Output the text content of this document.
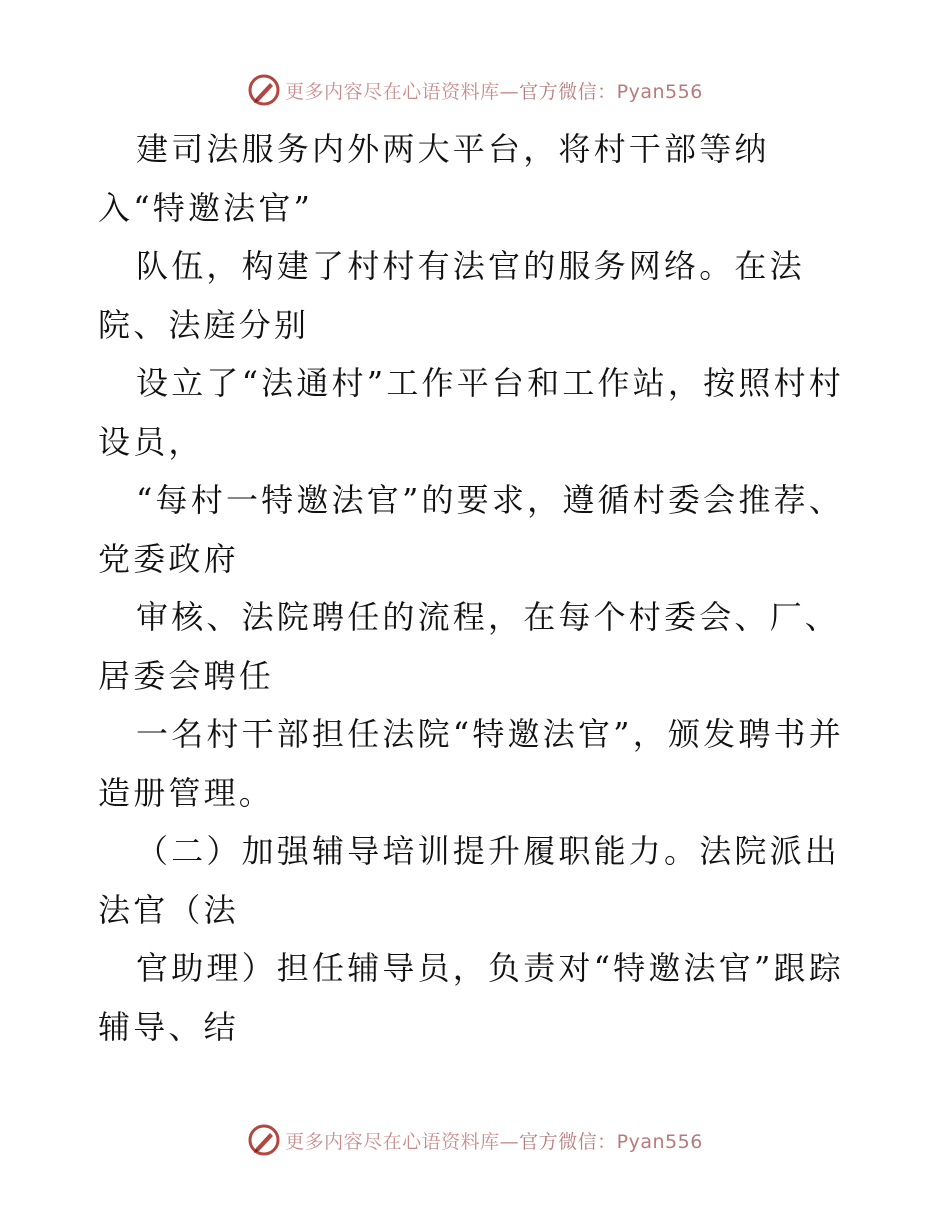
更多内容尽在心语资料库—官方微信：Pyan556

建司法服务内外两大平台，将村干部等纳入“特邀法官”

队伍，构建了村村有法官的服务网络。在法院、法庭分别

设立了“法通村”工作平台和工作站，按照村村设员，

“每村一特邀法官”的要求，遵循村委会推荐、党委政府

审核、法院聘任的流程，在每个村委会、厂、居委会聘任

一名村干部担任法院“特邀法官”，颁发聘书并造册管理。

（二）加强辅导培训提升履职能力。法院派出法官（法

官助理）担任辅导员，负责对“特邀法官”跟踪辅导、结

更多内容尽在心语资料库—官方微信：Pyan556
